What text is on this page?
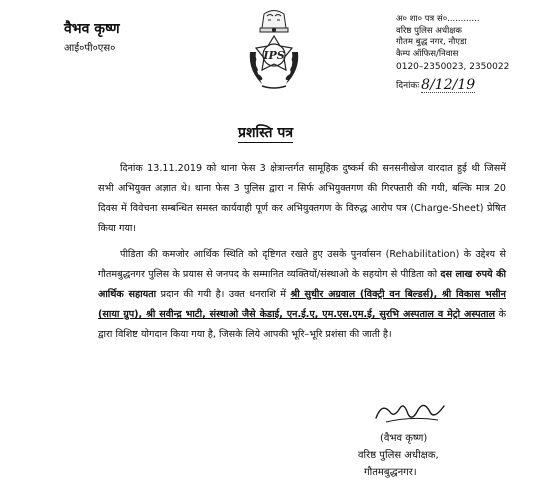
वैभव कृष्ण
आई०पी०एस०
IPS
अ० शा० पत्र सं०............
वरिष्ठ पुलिस अधीक्षक
गौतम बुद्ध नगर, नौएडा
कैम्प ऑफिस/निवास
0120–2350023, 2350022
दिनांकः 8/12/19
प्रशस्ति पत्र

दिनांक 13.11.2019 को थाना फेस 3 क्षेत्रान्तर्गत सामूहिक दुष्कर्म की सनसनीखेज वारदात हुई थी जिसमें सभी अभियुक्त अज्ञात थे। थाना फेस 3 पुलिस द्वारा न सिर्फ अभियुक्तगण की गिरफ्तारी की गयी, बल्कि मात्र 20 दिवस में विवेचना सम्बन्धित समस्त कार्यवाही पूर्ण कर अभियुक्तगण के विरुद्ध आरोप पत्र (Charge-Sheet) प्रेषित किया गया।

पीडिता की कमजोर आर्थिक स्थिति को दृष्टिगत रखते हुए उसके पुनर्वासन (Rehabilitation) के उद्देश्य से गौतमबुद्धनगर पुलिस के प्रयास से जनपद के सम्मानित व्यक्तियों/संस्थाओ के सहयोग से पीडिता को दस लाख रुपये की आर्थिक सहायता प्रदान की गयी है। उक्त धनराशि में श्री सुधीर अग्रवाल (विक्ट्री वन बिल्डर्स), श्री विकास भसीन (साया ग्रुप), श्री सवीन्द्र भाटी, संस्थाओ जैसे केडाई, एन.ई.ए, एम.एस.एम.ई, सुरभि अस्पताल व मेट्रो अस्पताल के द्वारा विशिष्ट योगदान किया गया है, जिसके लिये आपकी भूरि–भूरि प्रशंसा की जाती है।

(वैभव कृष्ण)
वरिष्ठ पुलिस अधीक्षक,
गौतमबुद्धनगर।
